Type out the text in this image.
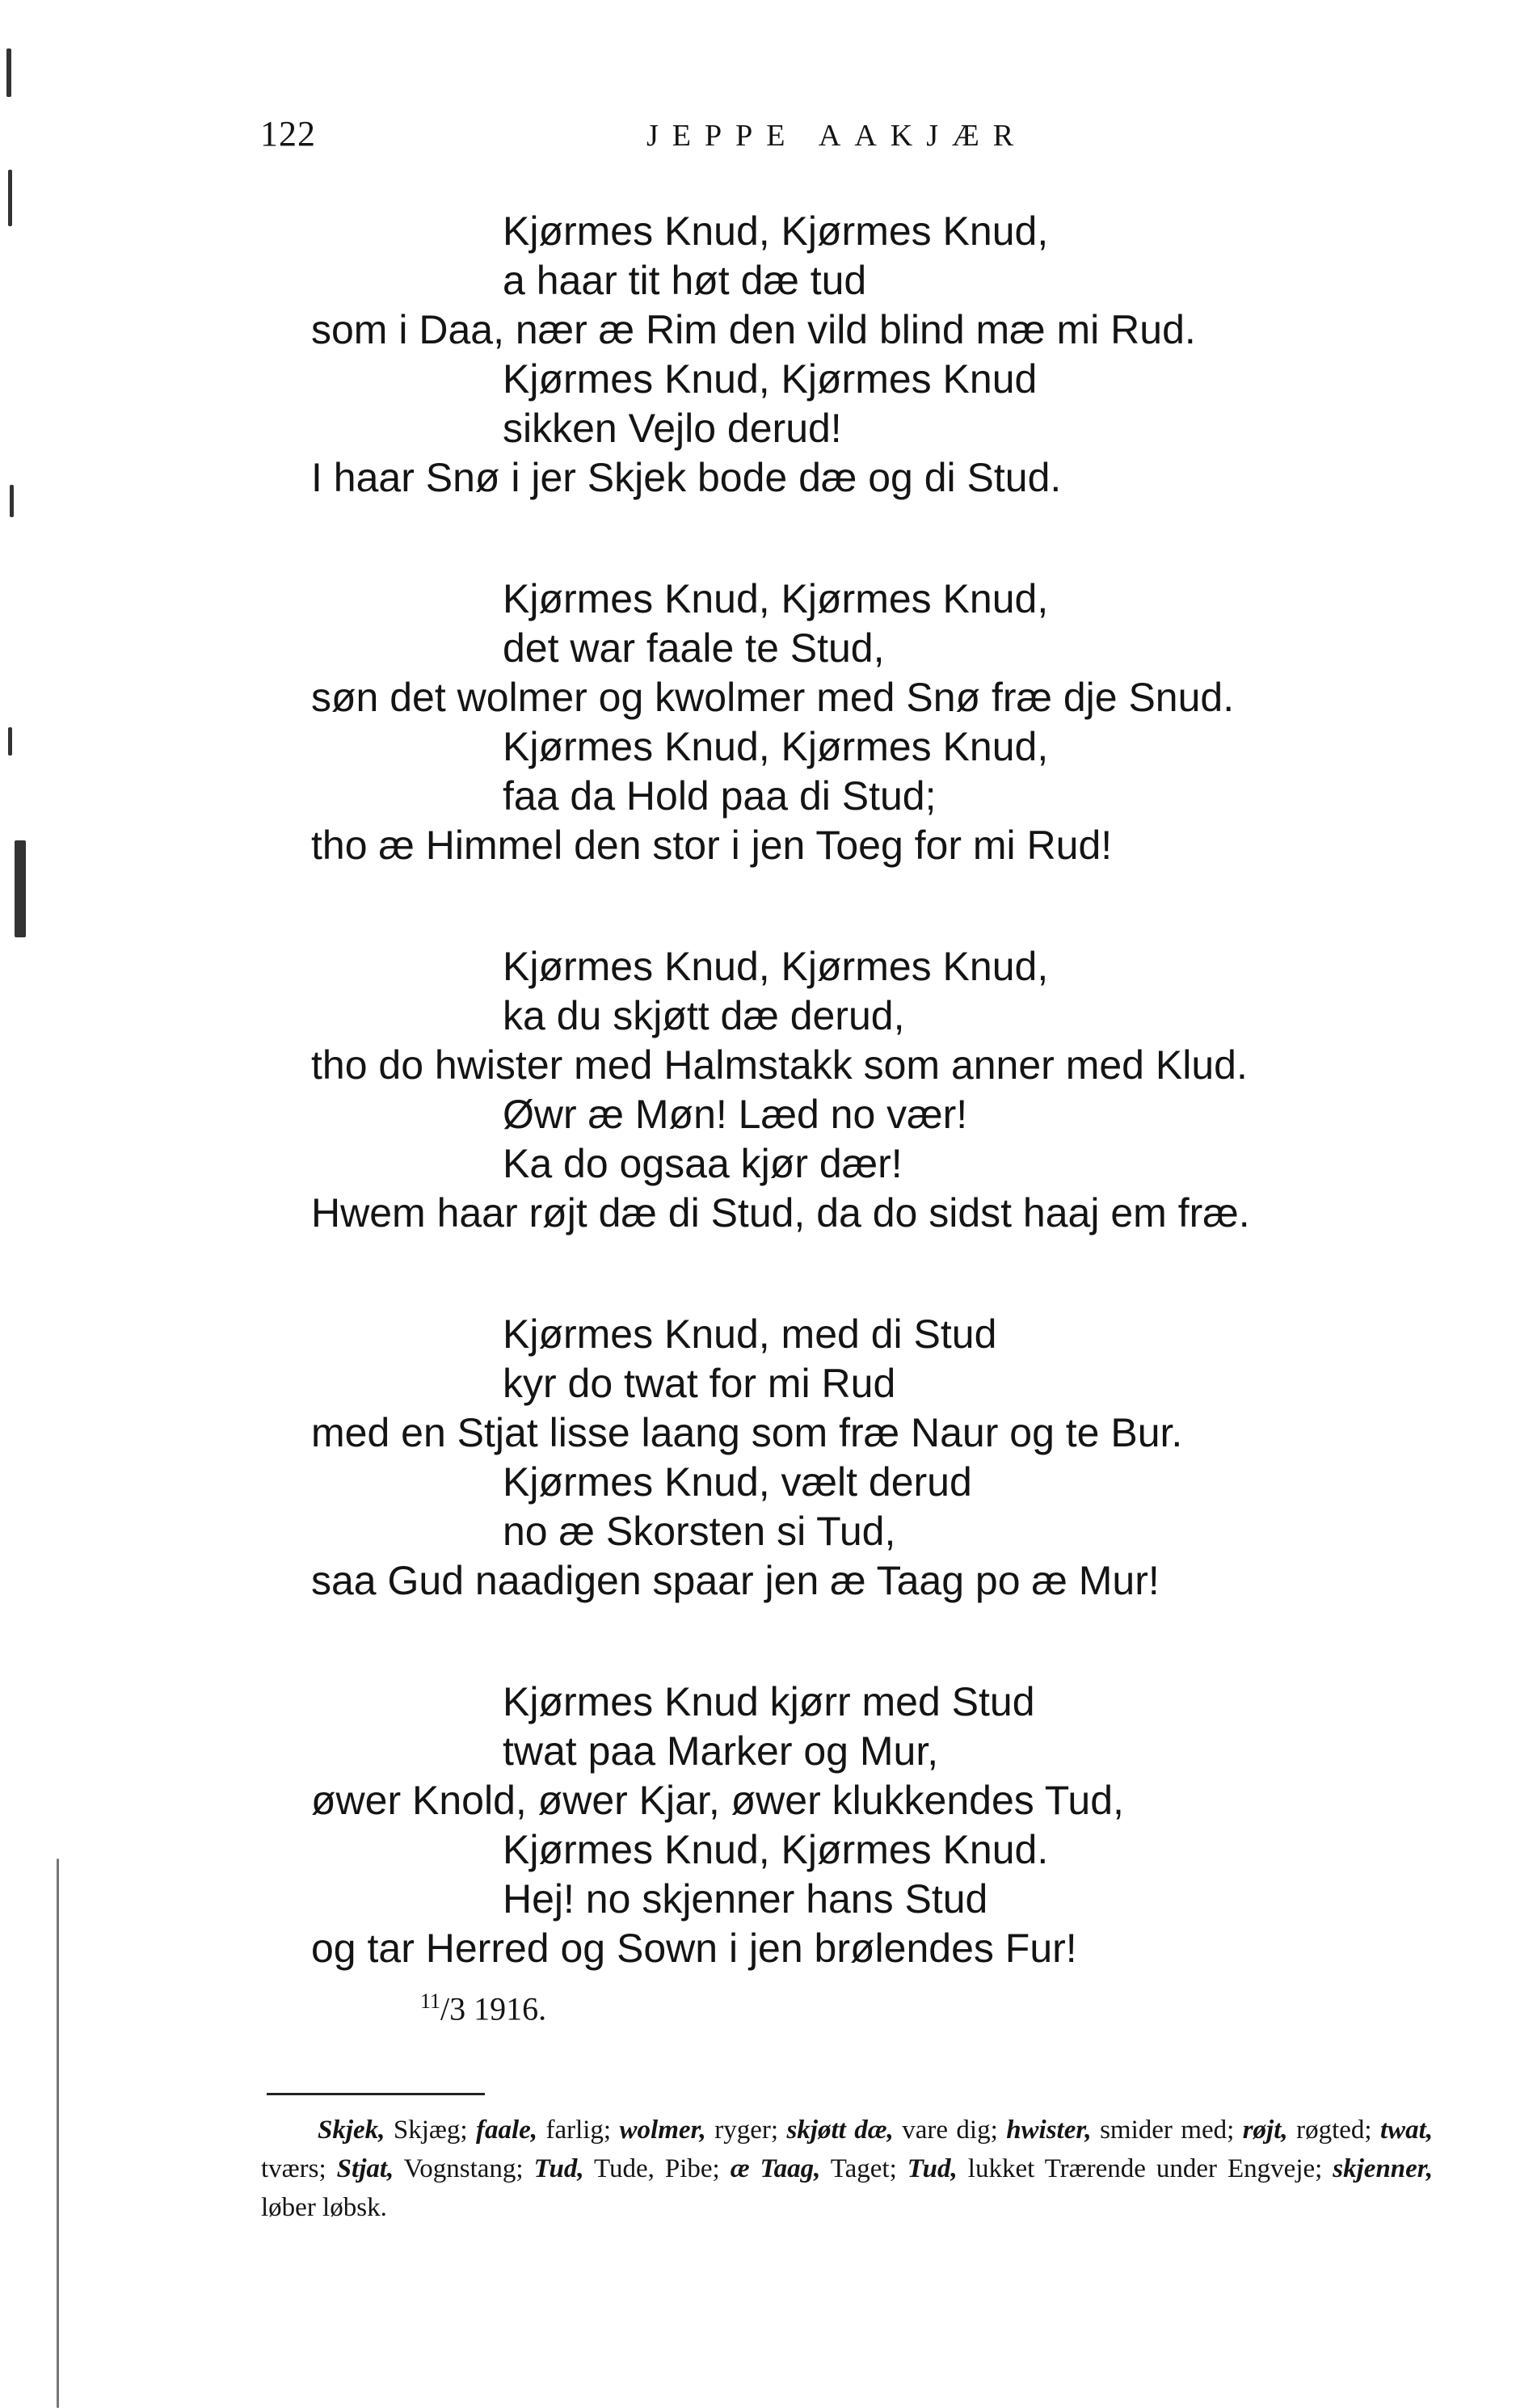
122	JEPPE AAKJÆR
Kjørmes Knud, Kjørmes Knud,
a haar tit høt dæ tud
som i Daa, nær æ Rim den vild blind mæ mi Rud.
Kjørmes Knud, Kjørmes Knud
sikken Vejlo derud!
I haar Snø i jer Skjek bode dæ og di Stud.
Kjørmes Knud, Kjørmes Knud,
det war faale te Stud,
søn det wolmer og kwolmer med Snø fræ dje Snud.
Kjørmes Knud, Kjørmes Knud,
faa da Hold paa di Stud;
tho æ Himmel den stor i jen Toeg for mi Rud!
Kjørmes Knud, Kjørmes Knud,
ka du skjøtt dæ derud,
tho do hwister med Halmstakk som anner med Klud.
Øwr æ Møn! Læd no vær!
Ka do ogsaa kjør dær!
Hwem haar røjt dæ di Stud, da do sidst haaj em fræ.
Kjørmes Knud, med di Stud
kyr do twat for mi Rud
med en Stjat lisse laang som fræ Naur og te Bur.
Kjørmes Knud, vælt derud
no æ Skorsten si Tud,
saa Gud naadigen spaar jen æ Taag po æ Mur!
Kjørmes Knud kjørr med Stud
twat paa Marker og Mur,
øwer Knold, øwer Kjar, øwer klukkendes Tud,
Kjørmes Knud, Kjørmes Knud.
Hej! no skjenner hans Stud
og tar Herred og Sown i jen brølendes Fur!
$^{11}$/3 1916.
Skjek, Skjæg; faale, farlig; wolmer, ryger; skjøtt dæ, vare dig; hwister, smider med; røjt, røgted; twat, tværs; Stjat, Vognstang; Tud, Tude, Pibe; æ Taag, Taget; Tud, lukket Trærende under Engveje; skjenner, løber løbsk.
